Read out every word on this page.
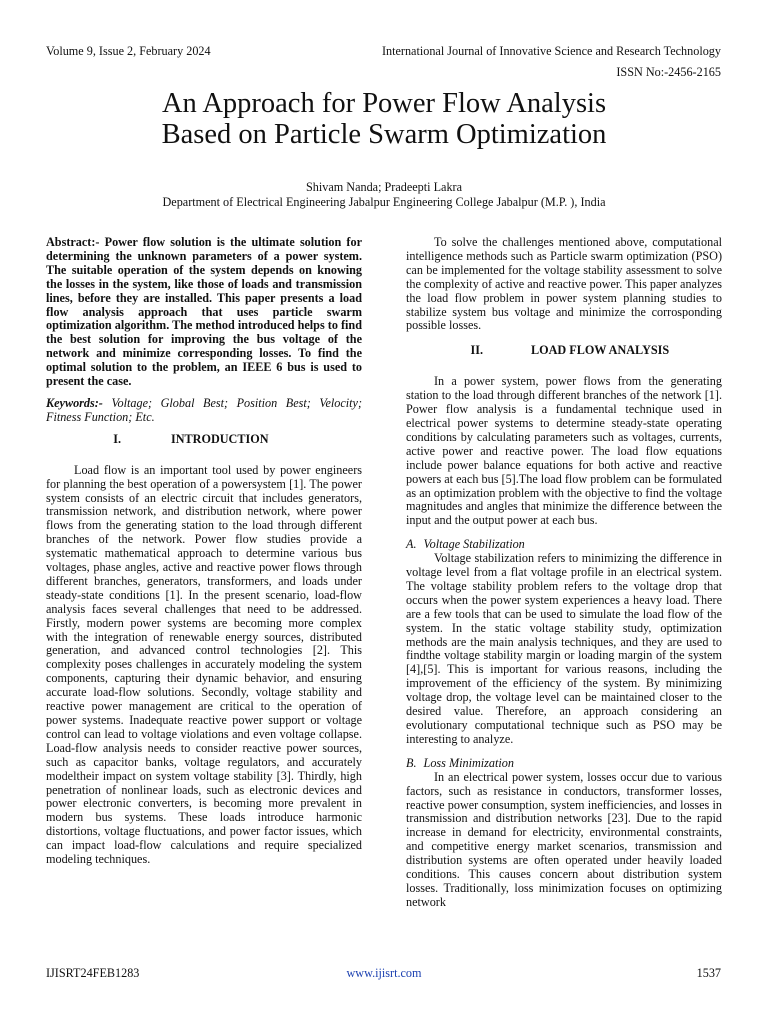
Volume 9, Issue 2, February 2024	International Journal of Innovative Science and Research Technology
ISSN No:-2456-2165
An Approach for Power Flow Analysis
Based on Particle Swarm Optimization
Shivam Nanda; Pradeepti Lakra
Department of Electrical Engineering Jabalpur Engineering College Jabalpur (M.P. ), India

Abstract:- Power flow solution is the ultimate solution for determining the unknown parameters of a power system. The suitable operation of the system depends on knowing the losses in the system, like those of loads and transmission lines, before they are installed. This paper presents a load flow analysis approach that uses particle swarm optimization algorithm. The method introduced helps to find the best solution for improving the bus voltage of the network and minimize corresponding losses. To find the optimal solution to the problem, an IEEE 6 bus is used to present the case.

Keywords:- Voltage; Global Best; Position Best; Velocity; Fitness Function; Etc.

I.	INTRODUCTION

Load flow is an important tool used by power engineers for planning the best operation of a powersystem [1]. The power system consists of an electric circuit that includes generators, transmission network, and distribution network, where power flows from the generating station to the load through different branches of the network. Power flow studies provide a systematic mathematical approach to determine various bus voltages, phase angles, active and reactive power flows through different branches, generators, transformers, and loads under steady-state conditions [1]. In the present scenario, load-flow analysis faces several challenges that need to be addressed. Firstly, modern power systems are becoming more complex with the integration of renewable energy sources, distributed generation, and advanced control technologies [2]. This complexity poses challenges in accurately modeling the system components, capturing their dynamic behavior, and ensuring accurate load-flow solutions. Secondly, voltage stability and reactive power management are critical to the operation of power systems. Inadequate reactive power support or voltage control can lead to voltage violations and even voltage collapse. Load-flow analysis needs to consider reactive power sources, such as capacitor banks, voltage regulators, and accurately modeltheir impact on system voltage stability [3]. Thirdly, high penetration of nonlinear loads, such as electronic devices and power electronic converters, is becoming more prevalent in modern bus systems. These loads introduce harmonic distortions, voltage fluctuations, and power factor issues, which can impact load-flow calculations and require specialized modeling techniques.

To solve the challenges mentioned above, computational intelligence methods such as Particle swarm optimization (PSO) can be implemented for the voltage stability assessment to solve the complexity of active and reactive power. This paper analyzes the load flow problem in power system planning studies to stabilize system bus voltage and minimize the corrosponding possible losses.

II.	LOAD FLOW ANALYSIS

In a power system, power flows from the generating station to the load through different branches of the network [1]. Power flow analysis is a fundamental technique used in electrical power systems to determine steady-state operating conditions by calculating parameters such as voltages, currents, active power and reactive power. The load flow equations include power balance equations for both active and reactive powers at each bus [5].The load flow problem can be formulated as an optimization problem with the objective to find the voltage magnitudes and angles that minimize the difference between the input and the output power at each bus.

A. Voltage Stabilization

Voltage stabilization refers to minimizing the difference in voltage level from a flat voltage profile in an electrical system. The voltage stability problem refers to the voltage drop that occurs when the power system experiences a heavy load. There are a few tools that can be used to simulate the load flow of the system. In the static voltage stability study, optimization methods are the main analysis techniques, and they are used to findthe voltage stability margin or loading margin of the system [4],[5]. This is important for various reasons, including the improvement of the efficiency of the system. By minimizing voltage drop, the voltage level can be maintained closer to the desired value. Therefore, an approach considering an evolutionary computational technique such as PSO may be interesting to analyze.

B. Loss Minimization

In an electrical power system, losses occur due to various factors, such as resistance in conductors, transformer losses, reactive power consumption, system inefficiencies, and losses in transmission and distribution networks [23]. Due to the rapid increase in demand for electricity, environmental constraints, and competitive energy market scenarios, transmission and distribution systems are often operated under heavily loaded conditions. This causes concern about distribution system losses. Traditionally, loss minimization focuses on optimizing network

IJISRT24FEB1283	www.ijisrt.com	1537
